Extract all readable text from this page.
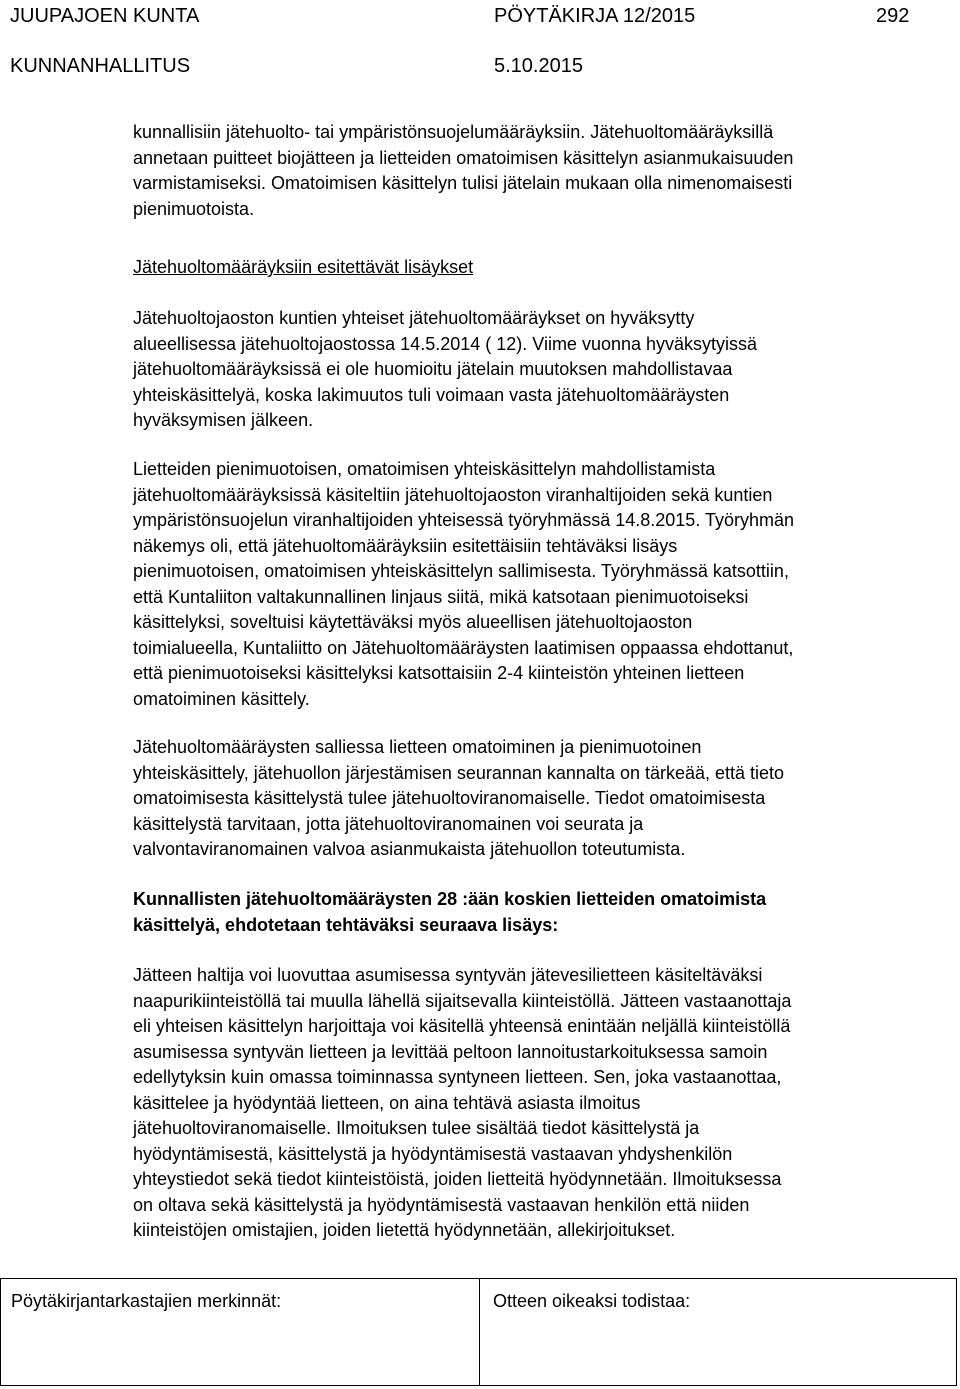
JUUPAJOEN KUNTA	PÖYTÄKIRJA 12/2015	292
KUNNANHALLITUS	5.10.2015

kunnallisiin jätehuolto- tai ympäristönsuojelumääräyksiin. Jätehuoltomääräyksillä
annetaan puitteet biojätteen ja lietteiden omatoimisen käsittelyn asianmukaisuuden
varmistamiseksi. Omatoimisen käsittelyn tulisi jätelain mukaan olla nimenomaisesti
pienimuotoista.

Jätehuoltomääräyksiin esitettävät lisäykset

Jätehuoltojaoston kuntien yhteiset jätehuoltomääräykset on hyväksytty
alueellisessa jätehuoltojaostossa 14.5.2014 ( 12). Viime vuonna hyväksytyissä
jätehuoltomääräyksissä ei ole huomioitu jätelain muutoksen mahdollistavaa
yhteiskäsittelyä, koska lakimuutos tuli voimaan vasta jätehuoltomääräysten
hyväksymisen jälkeen.

Lietteiden pienimuotoisen, omatoimisen yhteiskäsittelyn mahdollistamista
jätehuoltomääräyksissä käsiteltiin jätehuoltojaoston viranhaltijoiden sekä kuntien
ympäristönsuojelun viranhaltijoiden yhteisessä työryhmässä 14.8.2015. Työryhmän
näkemys oli, että jätehuoltomääräyksiin esitettäisiin tehtäväksi lisäys
pienimuotoisen, omatoimisen yhteiskäsittelyn sallimisesta. Työryhmässä katsottiin,
että Kuntaliiton valtakunnallinen linjaus siitä, mikä katsotaan pienimuotoiseksi
käsittelyksi, soveltuisi käytettäväksi myös alueellisen jätehuoltojaoston
toimialueella, Kuntaliitto on Jätehuoltomääräysten laatimisen oppaassa ehdottanut,
että pienimuotoiseksi käsittelyksi katsottaisiin 2-4 kiinteistön yhteinen lietteen
omatoiminen käsittely.

Jätehuoltomääräysten salliessa lietteen omatoiminen ja pienimuotoinen
yhteiskäsittely, jätehuollon järjestämisen seurannan kannalta on tärkeää, että tieto
omatoimisesta käsittelystä tulee jätehuoltoviranomaiselle. Tiedot omatoimisesta
käsittelystä tarvitaan, jotta jätehuoltoviranomainen voi seurata ja
valvontaviranomainen valvoa asianmukaista jätehuollon toteutumista.

Kunnallisten jätehuoltomääräysten 28 :ään koskien lietteiden omatoimista
käsittelyä, ehdotetaan tehtäväksi seuraava lisäys:

Jätteen haltija voi luovuttaa asumisessa syntyvän jätevesilietteen käsiteltäväksi
naapurikiinteistöllä tai muulla lähellä sijaitsevalla kiinteistöllä. Jätteen vastaanottaja
eli yhteisen käsittelyn harjoittaja voi käsitellä yhteensä enintään neljällä kiinteistöllä
asumisessa syntyvän lietteen ja levittää peltoon lannoitustarkoituksessa samoin
edellytyksin kuin omassa toiminnassa syntyneen lietteen. Sen, joka vastaanottaa,
käsittelee ja hyödyntää lietteen, on aina tehtävä asiasta ilmoitus
jätehuoltoviranomaiselle. Ilmoituksen tulee sisältää tiedot käsittelystä ja
hyödyntämisestä, käsittelystä ja hyödyntämisestä vastaavan yhdyshenkilön
yhteystiedot sekä tiedot kiinteistöistä, joiden lietteitä hyödynnetään. Ilmoituksessa
on oltava sekä käsittelystä ja hyödyntämisestä vastaavan henkilön että niiden
kiinteistöjen omistajien, joiden lietettä hyödynnetään, allekirjoitukset.

Pöytäkirjantarkastajien merkinnät:	Otteen oikeaksi todistaa:
